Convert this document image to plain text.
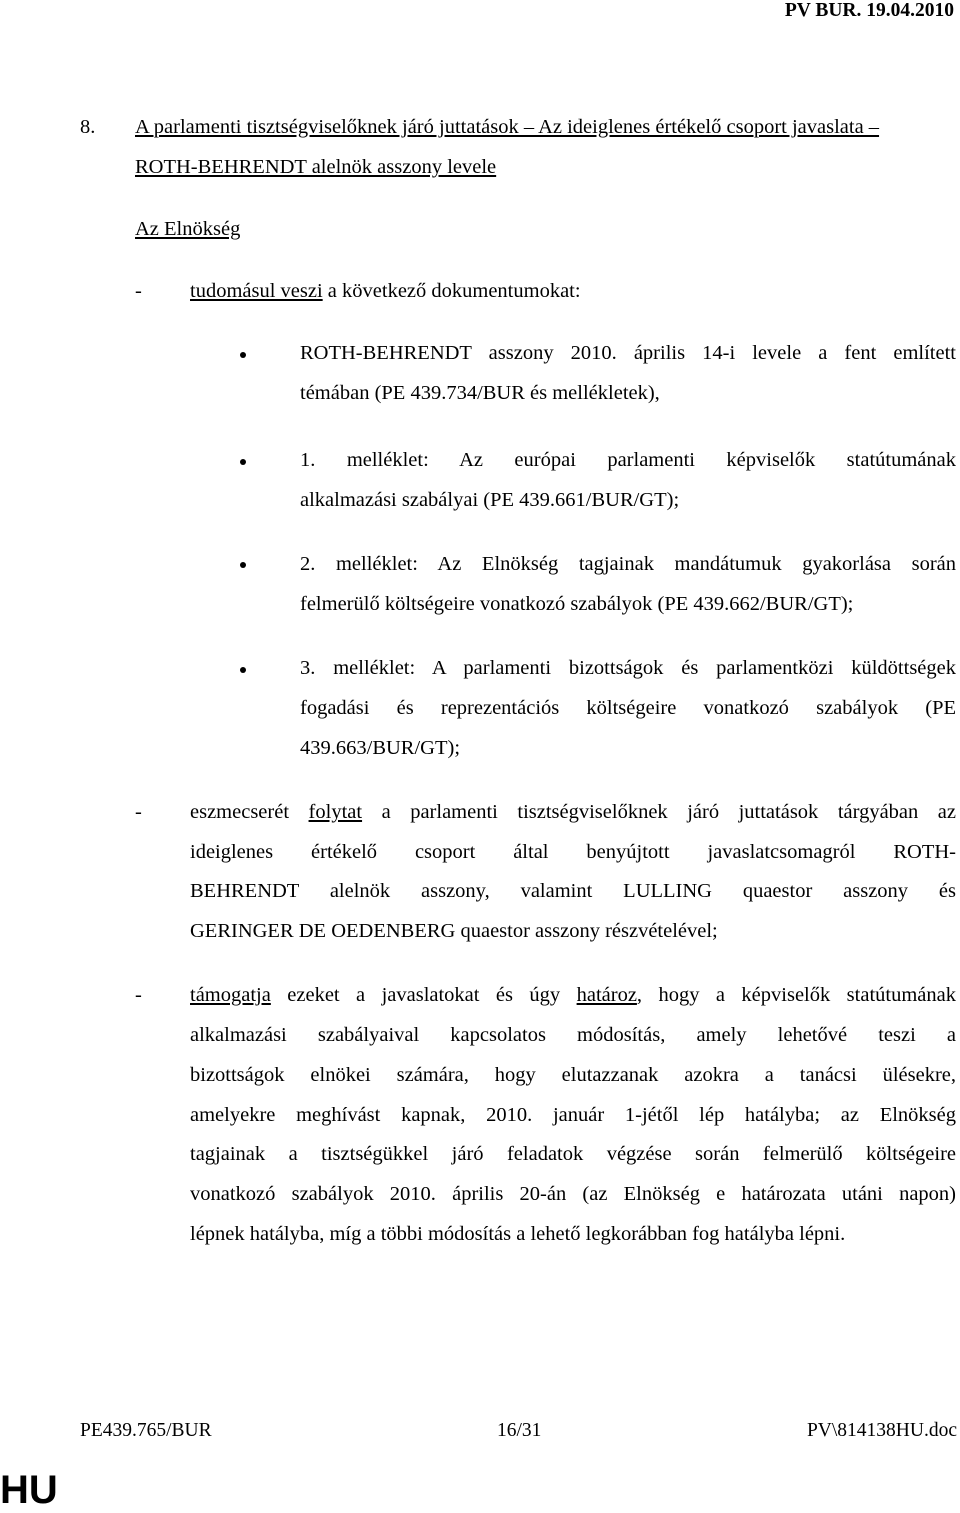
PV BUR. 19.04.2010
8. A parlamenti tisztségviselőknek járó juttatások – Az ideiglenes értékelő csoport javaslata –
ROTH-BEHRENDT alelnök asszony levele
Az Elnökség
- tudomásul veszi a következő dokumentumokat:
ROTH-BEHRENDT asszony 2010. április 14-i levele a fent említett
témában (PE 439.734/BUR és mellékletek),
1. melléklet: Az európai parlamenti képviselők statútumának
alkalmazási szabályai (PE 439.661/BUR/GT);
2. melléklet: Az Elnökség tagjainak mandátumuk gyakorlása során
felmerülő költségeire vonatkozó szabályok (PE 439.662/BUR/GT);
3. melléklet: A parlamenti bizottságok és parlamentközi küldöttségek
fogadási és reprezentációs költségeire vonatkozó szabályok (PE
439.663/BUR/GT);
- eszmecserét folytat a parlamenti tisztségviselőknek járó juttatások tárgyában az
ideiglenes értékelő csoport által benyújtott javaslatcsomagról ROTH-
BEHRENDT alelnök asszony, valamint LULLING quaestor asszony és
GERINGER DE OEDENBERG quaestor asszony részvételével;
- támogatja ezeket a javaslatokat és úgy határoz, hogy a képviselők statútumának
alkalmazási szabályaival kapcsolatos módosítás, amely lehetővé teszi a
bizottságok elnökei számára, hogy elutazzanak azokra a tanácsi ülésekre,
amelyekre meghívást kapnak, 2010. január 1-jétől lép hatályba; az Elnökség
tagjainak a tisztségükkel járó feladatok végzése során felmerülő költségeire
vonatkozó szabályok 2010. április 20-án (az Elnökség e határozata utáni napon)
lépnek hatályba, míg a többi módosítás a lehető legkorábban fog hatályba lépni.
PE439.765/BUR	16/31	PV\814138HU.doc
HU
